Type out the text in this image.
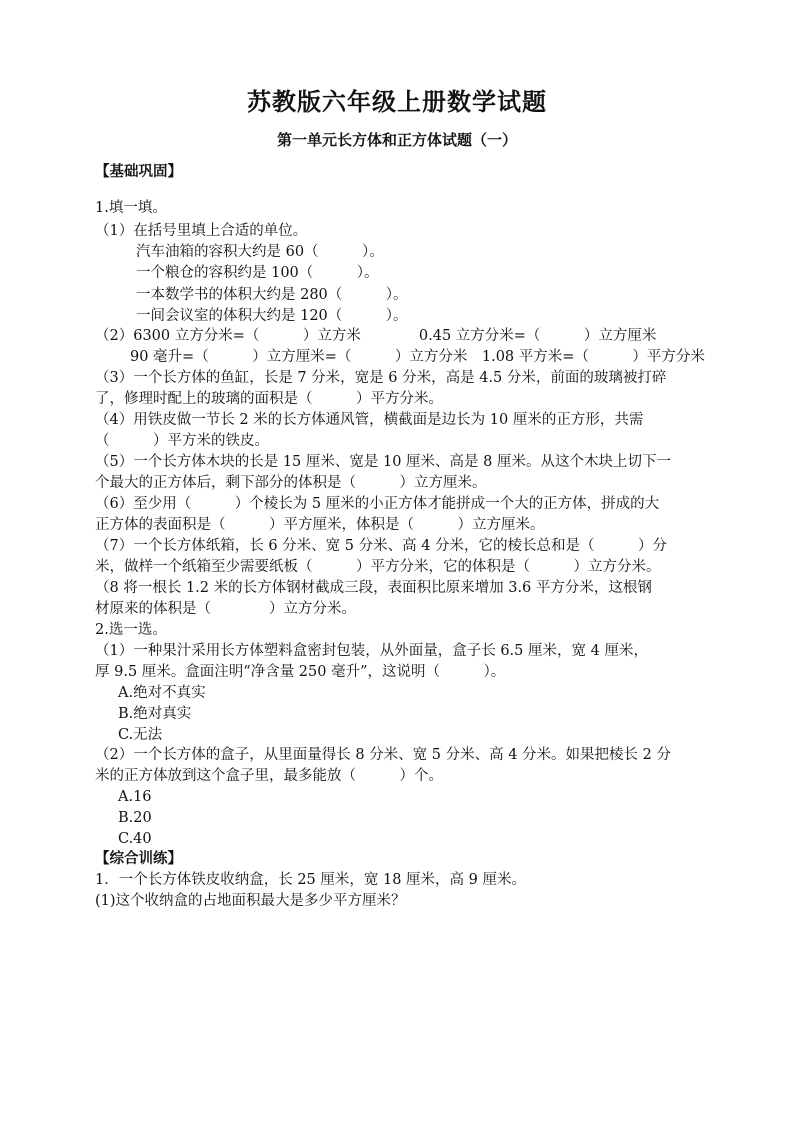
苏教版六年级上册数学试题
第一单元长方体和正方体试题（一）
【基础巩固】
1.填一填。
（1）在括号里填上合适的单位。
汽车油箱的容积大约是 60（　　　）。
一个粮仓的容积约是 100（　　　）。
一本数学书的体积大约是 280（　　　）。
一间会议室的体积大约是 120（　　　）。
（2）6300 立方分米=（　　　）立方米　　　　0.45 立方分米=（　　　）立方厘米
90 毫升=（　　　）立方厘米=（　　　）立方分米　1.08 平方米=（　　　）平方分米
（3）一个长方体的鱼缸，长是 7 分米，宽是 6 分米，高是 4.5 分米，前面的玻璃被打碎
了，修理时配上的玻璃的面积是（　　　）平方分米。
（4）用铁皮做一节长 2 米的长方体通风管，横截面是边长为 10 厘米的正方形，共需
（　　　）平方米的铁皮。
（5）一个长方体木块的长是 15 厘米、宽是 10 厘米、高是 8 厘米。从这个木块上切下一
个最大的正方体后，剩下部分的体积是（　　　）立方厘米。
（6）至少用（　　　）个棱长为 5 厘米的小正方体才能拼成一个大的正方体，拼成的大
正方体的表面积是（　　　）平方厘米，体积是（　　　）立方厘米。
（7）一个长方体纸箱，长 6 分米、宽 5 分米、高 4 分米，它的棱长总和是（　　　）分
米，做样一个纸箱至少需要纸板（　　　）平方分米，它的体积是（　　　）立方分米。
（8 将一根长 1.2 米的长方体钢材截成三段，表面积比原来增加 3.6 平方分米，这根钢
材原来的体积是（　　　　）立方分米。
2.选一选。
（1）一种果汁采用长方体塑料盒密封包装，从外面量，盒子长 6.5 厘米，宽 4 厘米，
厚 9.5 厘米。盒面注明“净含量 250 毫升”，这说明（　　　）。
A.绝对不真实
B.绝对真实
C.无法
（2）一个长方体的盒子，从里面量得长 8 分米、宽 5 分米、高 4 分米。如果把棱长 2 分
米的正方体放到这个盒子里，最多能放（　　　）个。
A.16
B.20
C.40
【综合训练】
1．一个长方体铁皮收纳盒，长 25 厘米，宽 18 厘米，高 9 厘米。
(1)这个收纳盒的占地面积最大是多少平方厘米？
